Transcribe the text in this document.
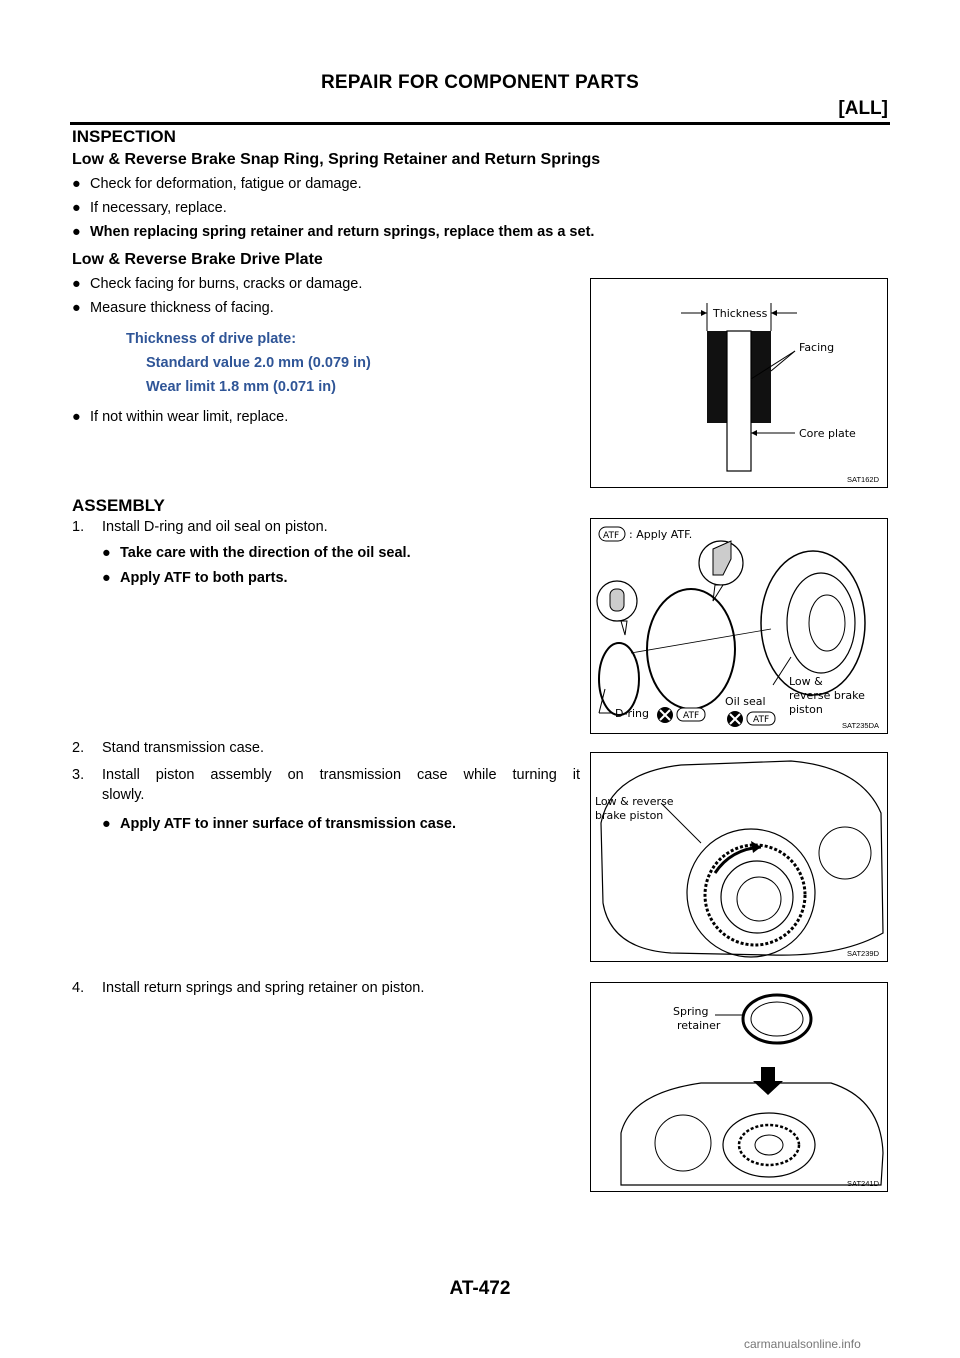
REPAIR FOR COMPONENT PARTS
[ALL]
INSPECTION
Low & Reverse Brake Snap Ring, Spring Retainer and Return Springs
● Check for deformation, fatigue or damage.
● If necessary, replace.
● When replacing spring retainer and return springs, replace them as a set.
Low & Reverse Brake Drive Plate
● Check facing for burns, cracks or damage.
● Measure thickness of facing.
Thickness of drive plate:
Standard value 2.0 mm (0.079 in)
Wear limit 1.8 mm (0.071 in)
● If not within wear limit, replace.
Thickness
Facing
Core plate
SAT162D
ASSEMBLY
1. Install D-ring and oil seal on piston.
● Take care with the direction of the oil seal.
● Apply ATF to both parts.
ATF : Apply ATF.
D-ring
Oil seal
Low &
reverse brake
piston
ATF	ATF
SAT235DA
2. Stand transmission case.
3. Install piston assembly on transmission case while turning it
slowly.
● Apply ATF to inner surface of transmission case.
Low & reverse
brake piston
SAT239D
4. Install return springs and spring retainer on piston.
Spring
retainer
SAT241D
AT-472
carmanualsonline.info
